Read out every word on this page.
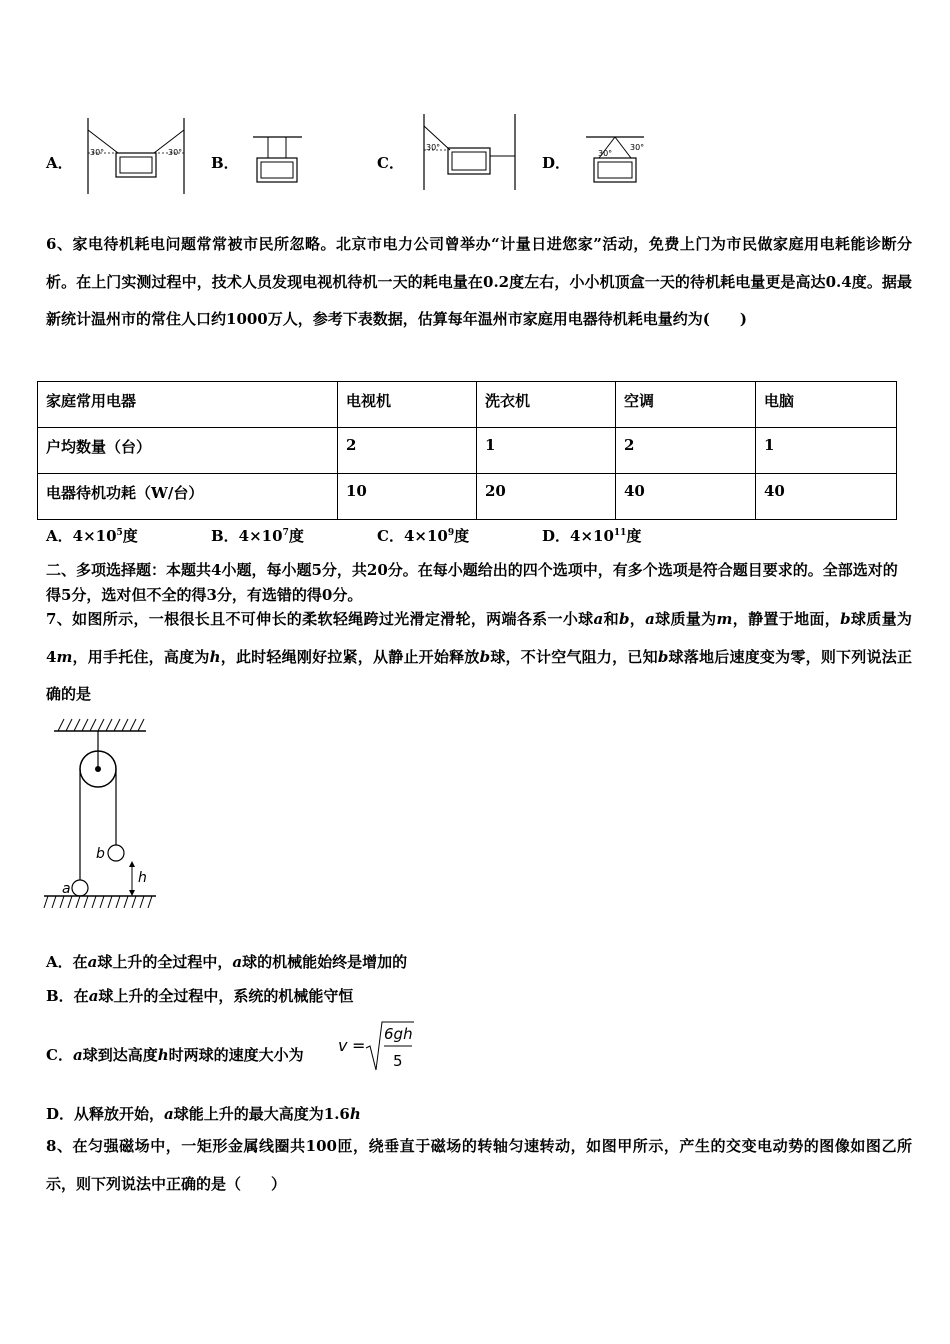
A．
30°	30°
B．	C．
30°
D．
30°
30°
6、家电待机耗电问题常常被市民所忽略。北京市电力公司曾举办“计量日进您家”活动，免费上门为市民做家庭用电耗能诊断分析。在上门实测过程中，技术人员发现电视机待机一天的耗电量在0.2度左右，小小机顶盒一天的待机耗电量更是高达0.4度。据最新统计温州市的常住人口约1000万人，参考下表数据，估算每年温州市家庭用电器待机耗电量约为(　　)
家庭常用电器	电视机	洗衣机	空调	电脑
户均数量（台）	2	1	2	1
电器待机功耗（W/台）	10	20	40	40
A．$4\times 10^5$度	B．$4\times 10^7$度	C．$4\times 10^9$度	D．$4\times 10^{11}$度
二、多项选择题：本题共4小题，每小题5分，共20分。在每小题给出的四个选项中，有多个选项是符合题目要求的。全部选对的得5分，选对但不全的得3分，有选错的得0分。
7、如图所示，一根很长且不可伸长的柔软轻绳跨过光滑定滑轮，两端各系一小球a和b，a球质量为m，静置于地面，b球质量为4m，用手托住，高度为h，此时轻绳刚好拉紧，从静止开始释放b球，不计空气阻力，已知b球落地后速度变为零，则下列说法正确的是
b
a
h
A．在a球上升的全过程中，a球的机械能始终是增加的
B．在a球上升的全过程中，系统的机械能守恒
C．a球到达高度h时两球的速度大小为 v =
6gh
5
D．从释放开始，a球能上升的最大高度为1.6h
8、在匀强磁场中，一矩形金属线圈共100匝，绕垂直于磁场的转轴匀速转动，如图甲所示，产生的交变电动势的图像如图乙所示，则下列说法中正确的是（　　）
